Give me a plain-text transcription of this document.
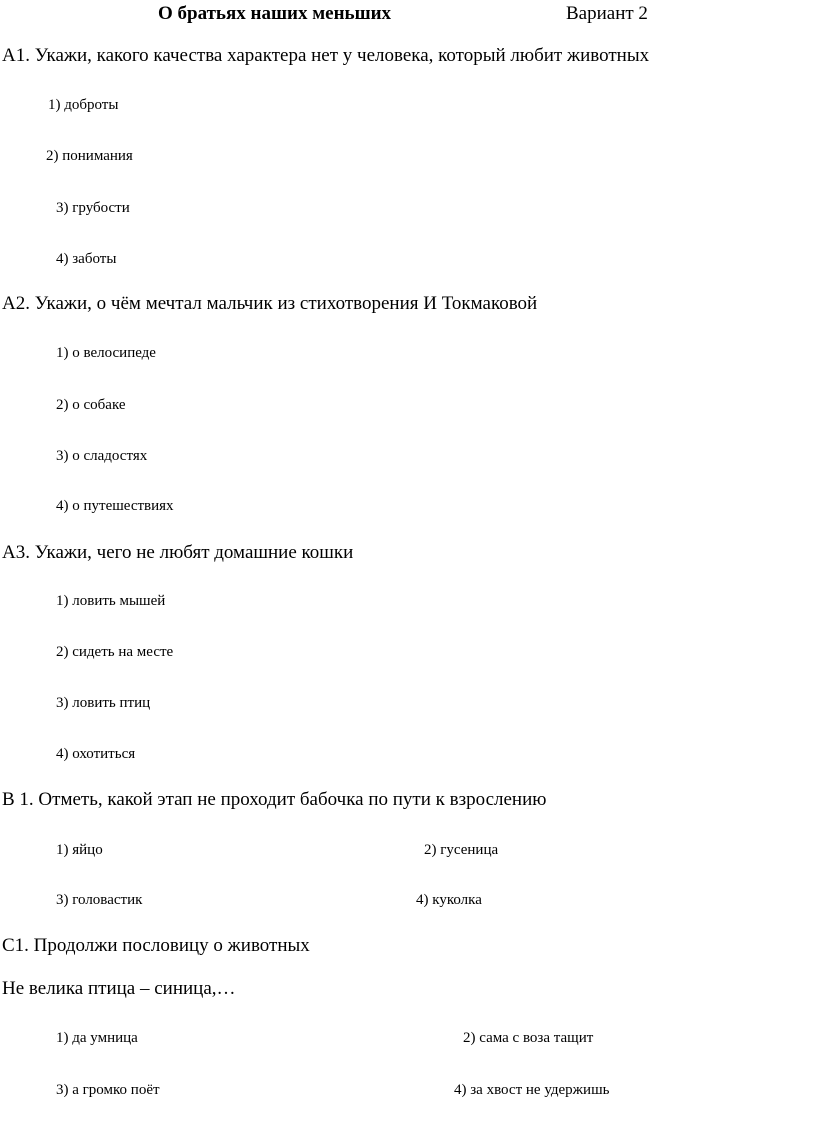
О братьях наших меньших	Вариант 2
А1. Укажи, какого качества характера нет у человека, который любит животных
1) доброты
2) понимания
3) грубости
4) заботы
А2. Укажи, о чём мечтал мальчик из стихотворения И Токмаковой
1) о велосипеде
2) о собаке
3) о сладостях
4) о путешествиях
А3. Укажи, чего не любят домашние кошки
1) ловить мышей
2) сидеть на месте
3) ловить птиц
4) охотиться
В 1. Отметь, какой этап не проходит бабочка по пути к взрослению
1) яйцо	2) гусеница
3) головастик	4) куколка
С1. Продолжи пословицу о животных
Не велика птица – синица,…
1) да умница	2) сама с воза тащит
3) а громко поёт	4) за хвост не удержишь
